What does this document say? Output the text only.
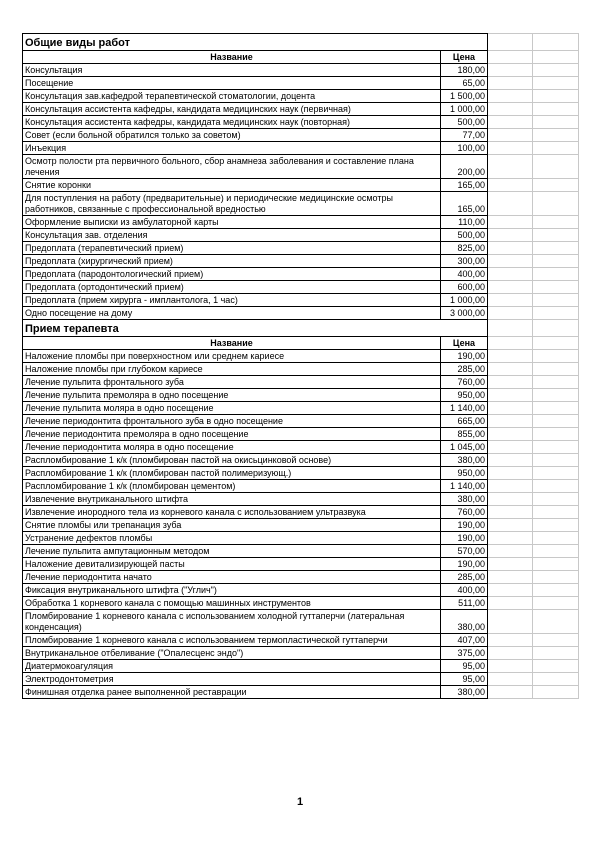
Общие виды работ			
Название	Цена		
Консультация	180,00		
Посещение	65,00		
Консультация зав.кафедрой терапевтической стоматологии, доцента	1 500,00		
Консультация ассистента кафедры, кандидата медицинских наук (первичная)	1 000,00		
Консультация ассистента кафедры, кандидата медицинских наук (повторная)	500,00		
Совет (если больной обратился только за советом)	77,00		
Инъекция	100,00		
Осмотр полости рта первичного больного, сбор анамнеза заболевания и составление плана лечения	200,00		
Снятие коронки	165,00		
Для поступления на работу (предварительные) и периодические медицинские осмотры работников, связанные с профессиональной вредностью	165,00		
Оформление выписки из амбулаторной карты	110,00		
Консультация зав. отделения	500,00		
Предоплата (терапевтический прием)	825,00		
Предоплата (хирургический прием)	300,00		
Предоплата (пародонтологический прием)	400,00		
Предоплата (ортодонтический прием)	600,00		
Предоплата (прием хирурга - имплантолога, 1 час)	1 000,00		
Одно посещение на дому	3 000,00		
Прием терапевта			
Название	Цена		
Наложение пломбы при поверхностном или среднем кариесе	190,00		
Наложение пломбы при глубоком кариесе	285,00		
Лечение пульпита фронтального зуба	760,00		
Лечение пульпита премоляра в одно посещение	950,00		
Лечение пульпита моляра в одно посещение	1 140,00		
Лечение периодонтита фронтального зуба в одно посещение	665,00		
Лечение периодонтита премоляра в одно посещение	855,00		
Лечение периодонтита моляра в одно посещение	1 045,00		
Распломбирование 1 к/к (пломбирован пастой на окисьцинковой основе)	380,00		
Распломбирование 1 к/к (пломбирован пастой полимеризующ.)	950,00		
Распломбирование 1 к/к (пломбирован цементом)	1 140,00		
Извлечение внутриканального штифта	380,00		
Извлечение инородного тела из корневого канала с использованием ультразвука	760,00		
Снятие пломбы или трепанация зуба	190,00		
Устранение дефектов пломбы	190,00		
Лечение пульпита ампутационным методом	570,00		
Наложение девитализирующей пасты	190,00		
Лечение периодонтита начато	285,00		
Фиксация внутриканального штифта ("Углич")	400,00		
Обработка 1 корневого канала с помощью машинных инструментов	511,00		
Пломбирование 1 корневого канала с использованием холодной гуттаперчи (латеральная конденсация)	380,00		
Пломбирование 1 корневого канала с использованием термопластической гуттаперчи	407,00		
Внутриканальное отбеливание ("Опалесценс эндо")	375,00		
Диатермокоагуляция	95,00		
Электродонтометрия	95,00		
Финишная отделка ранее выполненной реставрации	380,00		
1
